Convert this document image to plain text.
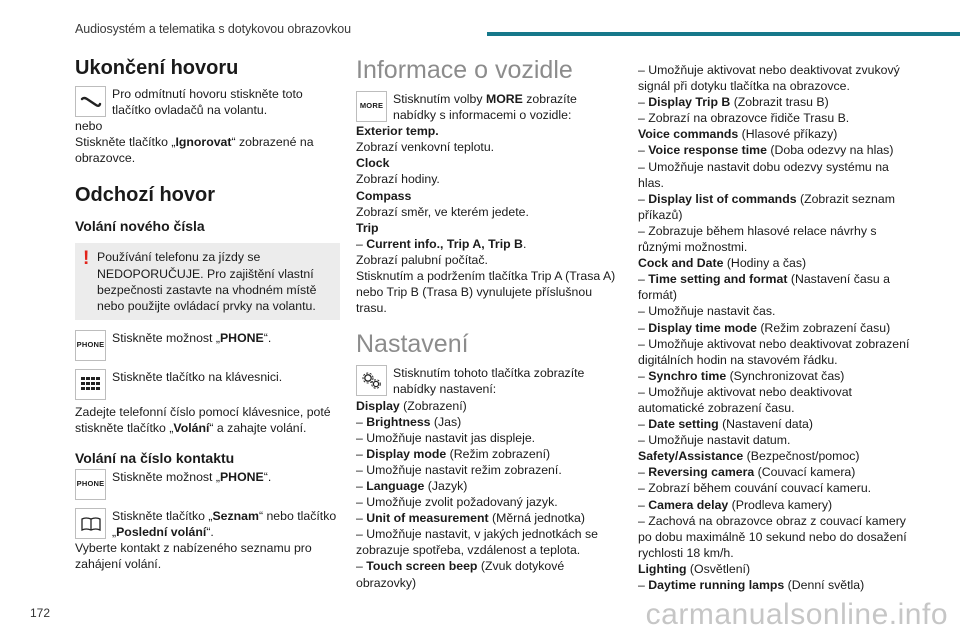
Audiosystém a telematika s dotykovou obrazovkou
Ukončení hovoru

Pro odmítnutí hovoru stiskněte toto tlačítko ovladačů na volantu.

nebo

Stiskněte tlačítko „Ignorovat“ zobrazené na obrazovce.

Odchozí hovor
Volání nového čísla
! Používání telefonu za jízdy se NEDOPORUČUJE. Pro zajištění vlastní bezpečnosti zastavte na vhodném místě nebo použijte ovládací prvky na volantu.

PHONE Stiskněte možnost „PHONE“.

Stiskněte tlačítko na klávesnici.

Zadejte telefonní číslo pomocí klávesnice, poté stiskněte tlačítko „Volání“ a zahajte volání.

Volání na číslo kontaktu
PHONE Stiskněte možnost „PHONE“.

Stiskněte tlačítko „Seznam“ nebo tlačítko „Poslední volání“.

Vyberte kontakt z nabízeného seznamu pro zahájení volání.

Informace o vozidle
MORE Stisknutím volby MORE zobrazíte nabídky s informacemi o vozidle:

Exterior temp.

Zobrazí venkovní teplotu.

Clock

Zobrazí hodiny.

Compass

Zobrazí směr, ve kterém jedete.

Trip

– Current info., Trip A, Trip B.

Zobrazí palubní počítač.

Stisknutím a podržením tlačítka Trip A (Trasa A) nebo Trip B (Trasa B) vynulujete příslušnou trasu.

Nastavení

Stisknutím tohoto tlačítka zobrazíte nabídky nastavení:

Display (Zobrazení)

– Brightness (Jas)

– Umožňuje nastavit jas displeje.

– Display mode (Režim zobrazení)

– Umožňuje nastavit režim zobrazení.

– Language (Jazyk)

– Umožňuje zvolit požadovaný jazyk.

– Unit of measurement (Měrná jednotka)

– Umožňuje nastavit, v jakých jednotkách se zobrazuje spotřeba, vzdálenost a teplota.

– Touch screen beep (Zvuk dotykové obrazovky)

– Umožňuje aktivovat nebo deaktivovat zvukový signál při dotyku tlačítka na obrazovce.

– Display Trip B (Zobrazit trasu B)

– Zobrazí na obrazovce řidiče Trasu B.

Voice commands (Hlasové příkazy)

– Voice response time (Doba odezvy na hlas)

– Umožňuje nastavit dobu odezvy systému na hlas.

– Display list of commands (Zobrazit seznam příkazů)

– Zobrazuje během hlasové relace návrhy s různými možnostmi.

Cock and Date (Hodiny a čas)

– Time setting and format (Nastavení času a formát)

– Umožňuje nastavit čas.

– Display time mode (Režim zobrazení času)

– Umožňuje aktivovat nebo deaktivovat zobrazení digitálních hodin na stavovém řádku.

– Synchro time (Synchronizovat čas)

– Umožňuje aktivovat nebo deaktivovat automatické zobrazení času.

– Date setting (Nastavení data)

– Umožňuje nastavit datum.

Safety/Assistance (Bezpečnost/pomoc)

– Reversing camera (Couvací kamera)

– Zobrazí během couvání couvací kameru.

– Camera delay (Prodleva kamery)

– Zachová na obrazovce obraz z couvací kamery po dobu maximálně 10 sekund nebo do dosažení rychlosti 18 km/h.

Lighting (Osvětlení)

– Daytime running lamps (Denní světla)

172	carmanualsonline.info
